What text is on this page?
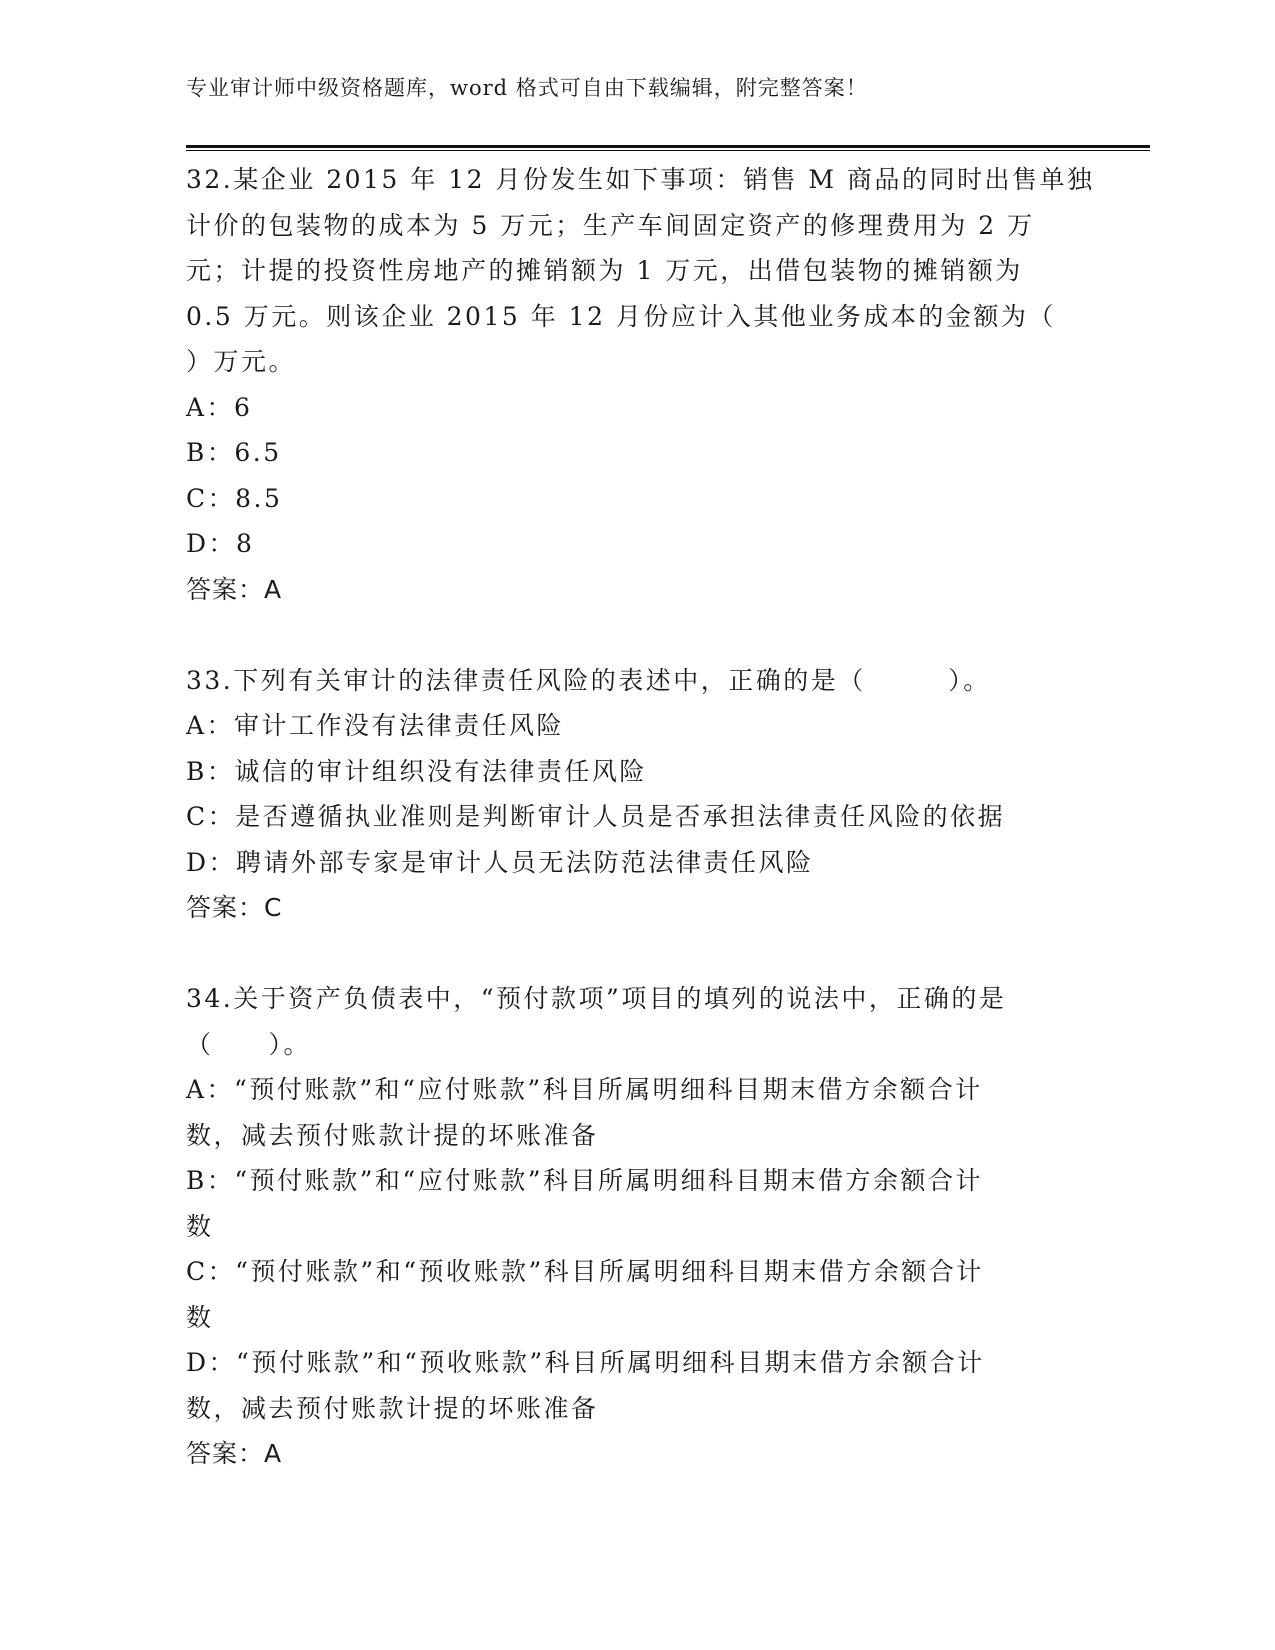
专业审计师中级资格题库，word 格式可自由下载编辑，附完整答案！
32.某企业 2015 年 12 月份发生如下事项：销售 M 商品的同时出售单独
计价的包装物的成本为 5 万元；生产车间固定资产的修理费用为 2 万
元；计提的投资性房地产的摊销额为 1 万元，出借包装物的摊销额为
0.5 万元。则该企业 2015 年 12 月份应计入其他业务成本的金额为（
）万元。
A：6
B：6.5
C：8.5
D：8
答案：A
33.下列有关审计的法律责任风险的表述中，正确的是（　　　）。
A：审计工作没有法律责任风险
B：诚信的审计组织没有法律责任风险
C：是否遵循执业准则是判断审计人员是否承担法律责任风险的依据
D：聘请外部专家是审计人员无法防范法律责任风险
答案：C
34.关于资产负债表中，“预付款项”项目的填列的说法中，正确的是
（　　）。
A：“预付账款”和“应付账款”科目所属明细科目期末借方余额合计
数，减去预付账款计提的坏账准备
B：“预付账款”和“应付账款”科目所属明细科目期末借方余额合计
数
C：“预付账款”和“预收账款”科目所属明细科目期末借方余额合计
数
D：“预付账款”和“预收账款”科目所属明细科目期末借方余额合计
数，减去预付账款计提的坏账准备
答案：A
